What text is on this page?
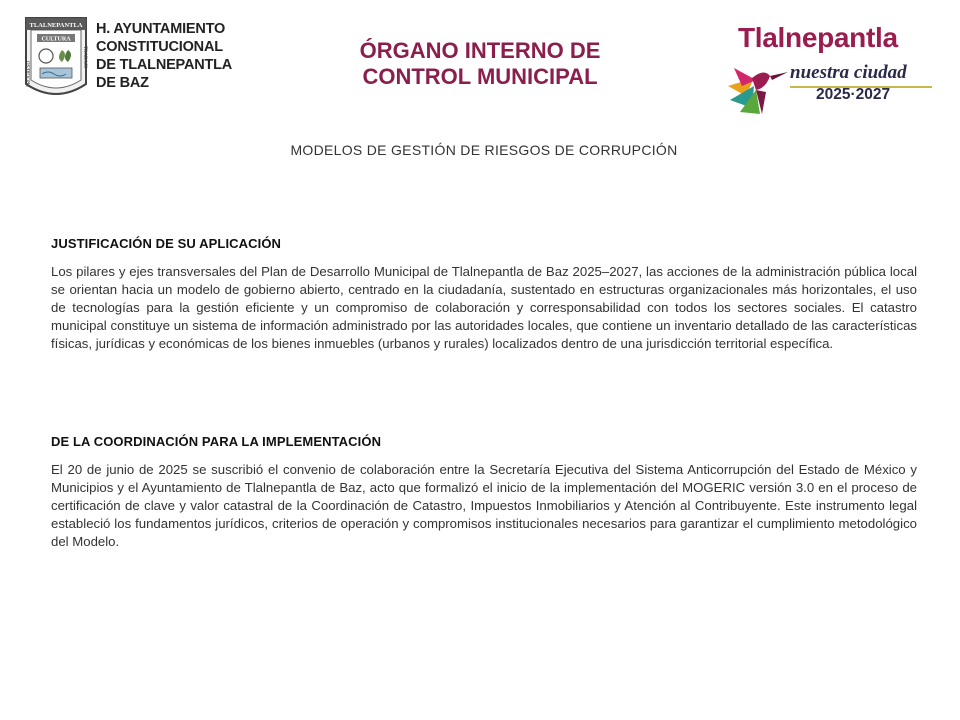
TLALNEPANTLA
CULTURA
PROGRESO
TRABAJO
H. AYUNTAMIENTO
CONSTITUCIONAL
DE TLALNEPANTLA
DE BAZ
ÓRGANO INTERNO DE
CONTROL MUNICIPAL
Tlalnepantla
nuestra ciudad
2025·2027
MODELOS DE GESTIÓN DE RIESGOS DE CORRUPCIÓN
JUSTIFICACIÓN DE SU APLICACIÓN

Los pilares y ejes transversales del Plan de Desarrollo Municipal de Tlalnepantla de Baz 2025–2027, las acciones de la administración pública local se orientan hacia un modelo de gobierno abierto, centrado en la ciudadanía, sustentado en estructuras organizacionales más horizontales, el uso de tecnologías para la gestión eficiente y un compromiso de colaboración y corresponsabilidad con todos los sectores sociales. El catastro municipal constituye un sistema de información administrado por las autoridades locales, que contiene un inventario detallado de las características físicas, jurídicas y económicas de los bienes inmuebles (urbanos y rurales) localizados dentro de una jurisdicción territorial específica.

DE LA COORDINACIÓN PARA LA IMPLEMENTACIÓN

El 20 de junio de 2025 se suscribió el convenio de colaboración entre la Secretaría Ejecutiva del Sistema Anticorrupción del Estado de México y Municipios y el Ayuntamiento de Tlalnepantla de Baz, acto que formalizó el inicio de la implementación del MOGERIC versión 3.0 en el proceso de certificación de clave y valor catastral de la Coordinación de Catastro, Impuestos Inmobiliarios y Atención al Contribuyente. Este instrumento legal estableció los fundamentos jurídicos, criterios de operación y compromisos institucionales necesarios para garantizar el cumplimiento metodológico del Modelo.
